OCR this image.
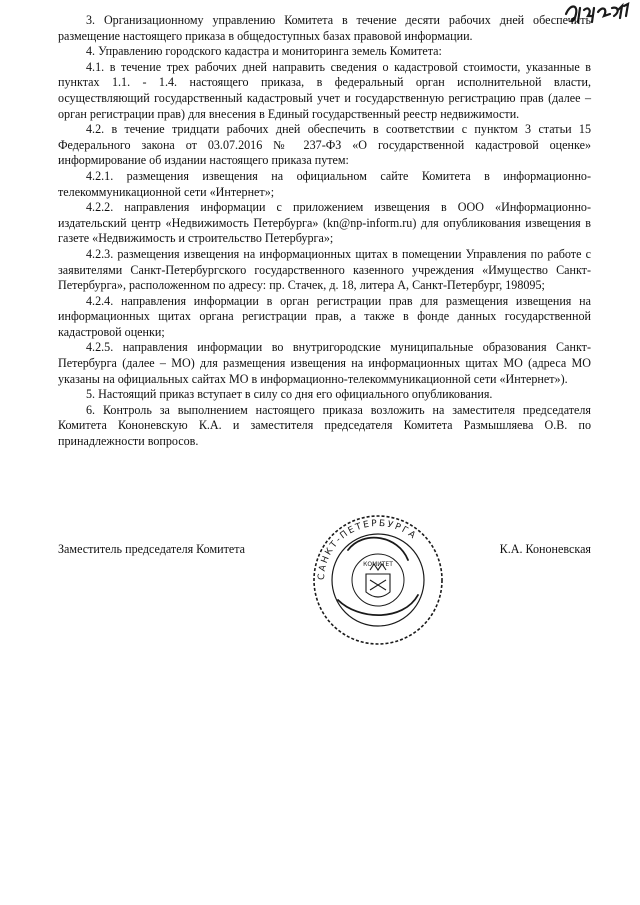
3. Организационному управлению Комитета в течение десяти рабочих дней обеспечить размещение настоящего приказа в общедоступных базах правовой информации.

4. Управлению городского кадастра и мониторинга земель Комитета:

4.1. в течение трех рабочих дней направить сведения о кадастровой стоимости, указанные в пунктах 1.1. - 1.4. настоящего приказа, в федеральный орган исполнительной власти, осуществляющий государственный кадастровый учет и государственную регистрацию прав (далее – орган регистрации прав) для внесения в Единый государственный реестр недвижимости.

4.2. в течение тридцати рабочих дней обеспечить в соответствии с пунктом 3 статьи 15 Федерального закона от 03.07.2016 № 237-ФЗ «О государственной кадастровой оценке» информирование об издании настоящего приказа путем:

4.2.1. размещения извещения на официальном сайте Комитета в информационно-телекоммуникационной сети «Интернет»;

4.2.2. направления информации с приложением извещения в ООО «Информационно-издательский центр «Недвижимость Петербурга» (kn@np-inform.ru) для опубликования извещения в газете «Недвижимость и строительство Петербурга»;

4.2.3. размещения извещения на информационных щитах в помещении Управления по работе с заявителями Санкт-Петербургского государственного казенного учреждения «Имущество Санкт-Петербурга», расположенном по адресу: пр. Стачек, д. 18, литера А, Санкт-Петербург, 198095;

4.2.4. направления информации в орган регистрации прав для размещения извещения на информационных щитах органа регистрации прав, а также в фонде данных государственной кадастровой оценки;

4.2.5. направления информации во внутригородские муниципальные образования Санкт-Петербурга (далее – МО) для размещения извещения на информационных щитах МО (адреса МО указаны на официальных сайтах МО в информационно-телекоммуникационной сети «Интернет»).

5. Настоящий приказ вступает в силу со дня его официального опубликования.

6. Контроль за выполнением настоящего приказа возложить на заместителя председателя Комитета Кононевскую К.А. и заместителя председателя Комитета Размышляева О.В. по принадлежности вопросов.

Заместитель председателя Комитета	К.А. Кононевская
САНКТ-ПЕТЕРБУРГА
КОМИТЕТ
